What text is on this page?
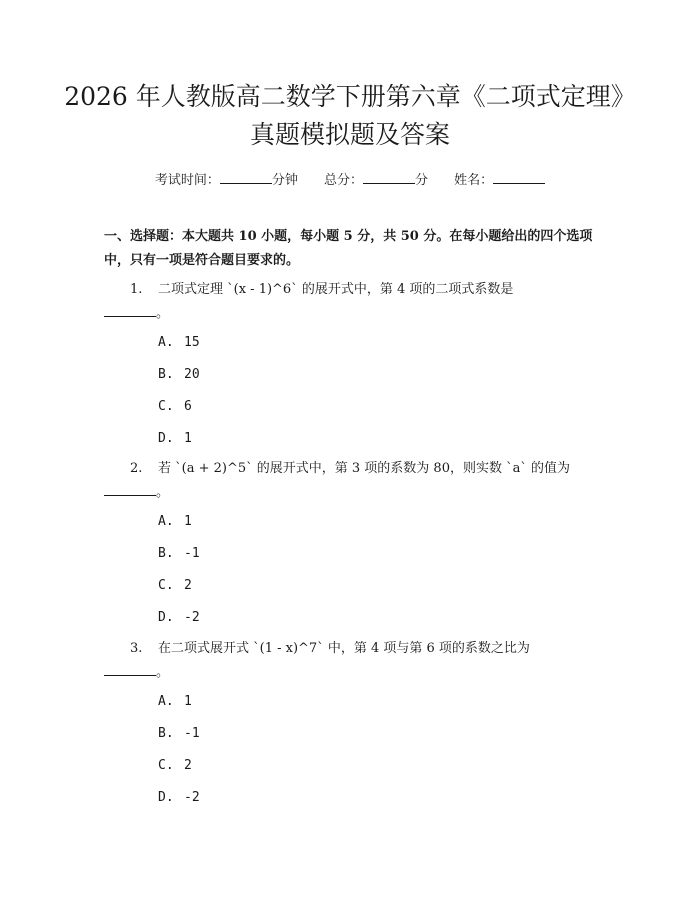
2026 年人教版高二数学下册第六章《二项式定理》真题模拟题及答案
考试时间：	分钟 总分：	分 姓名：
一、选择题：本大题共 10 小题，每小题 5 分，共 50 分。在每小题给出的四个选项中，只有一项是符合题目要求的。
1. 二项式定理 `(x - 1)^6` 的展开式中，第 4 项的二项式系数是
。
A. 15
B. 20
C. 6
D. 1
2. 若 `(a + 2)^5` 的展开式中，第 3 项的系数为 80，则实数 `a` 的值为
。
A. 1
B. -1
C. 2
D. -2
3. 在二项式展开式 `(1 - x)^7` 中，第 4 项与第 6 项的系数之比为
。
A. 1
B. -1
C. 2
D. -2
